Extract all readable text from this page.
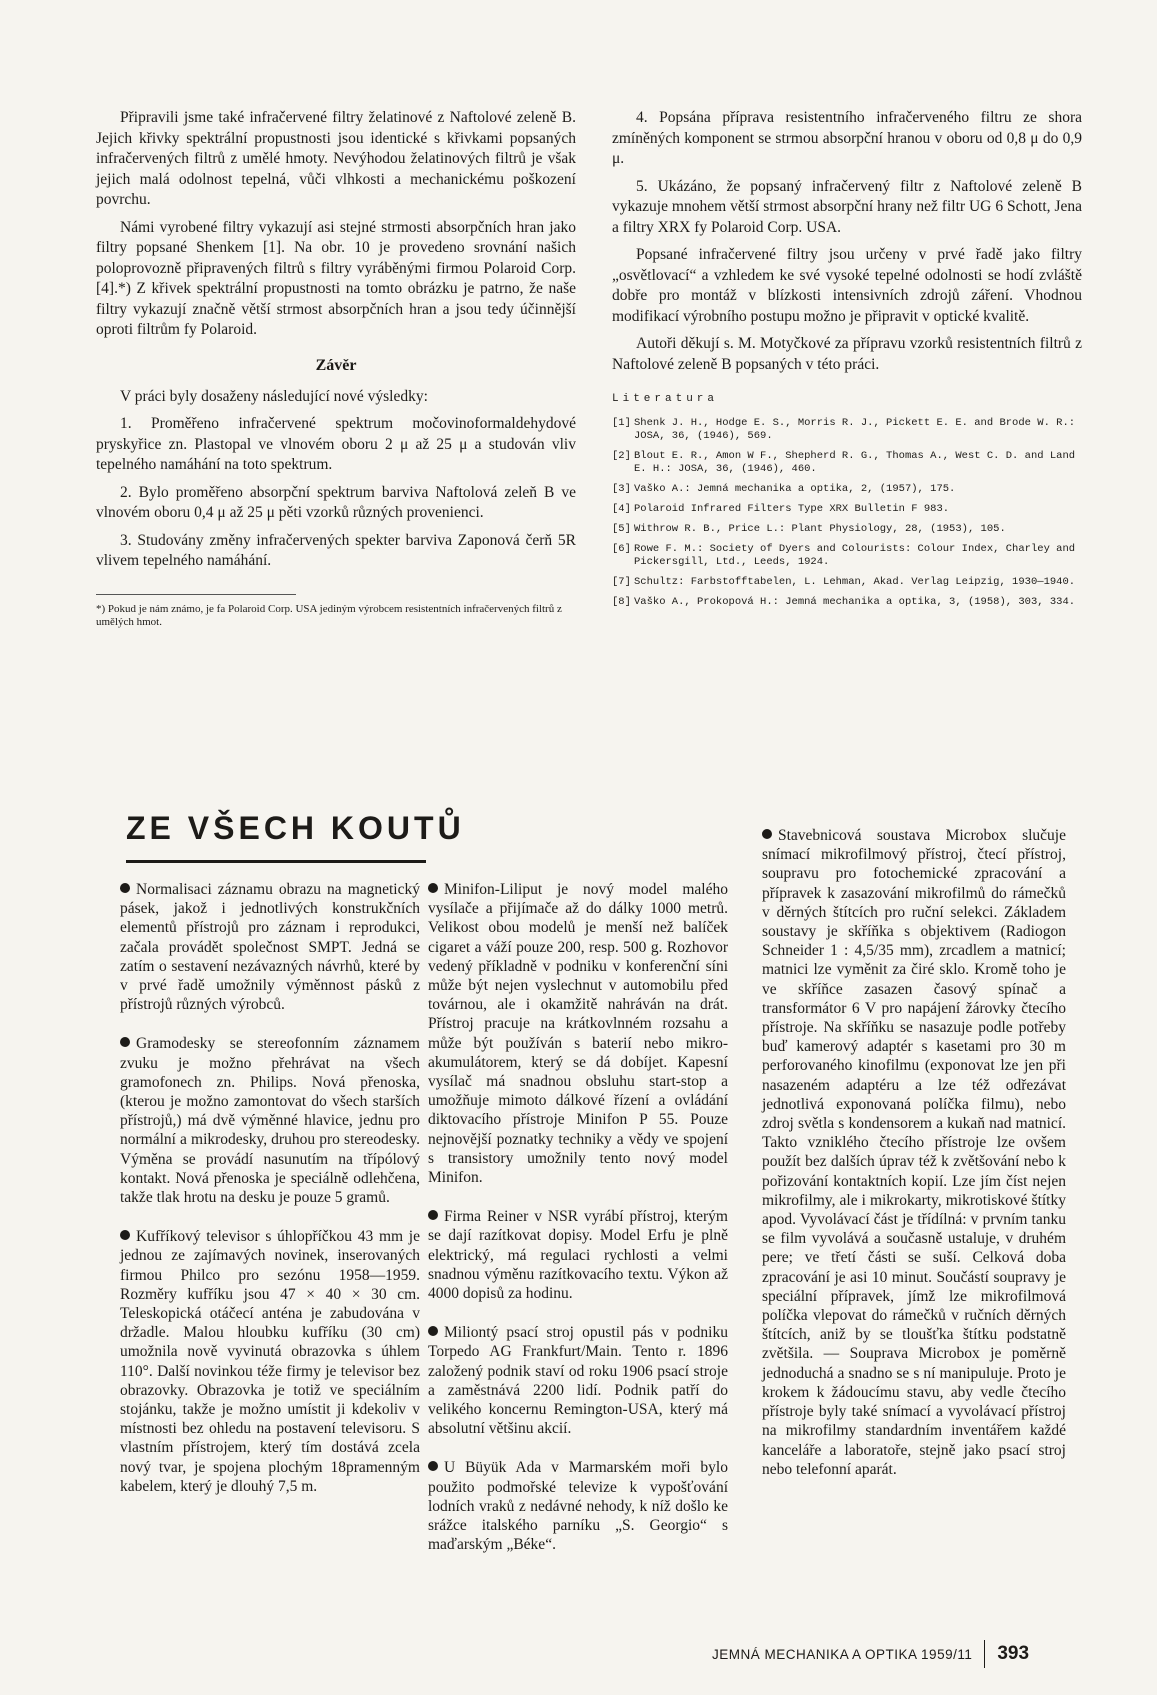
Připravili jsme také infračervené filtry želatinové z Naftolové zeleně B. Jejich křivky spektrální propustnosti jsou identické s křivkami popsaných infračervených filtrů z umělé hmoty. Nevýhodou želatinových filtrů je však jejich malá odolnost tepelná, vůči vlhkosti a mechanickému poškození povrchu.

Námi vyrobené filtry vykazují asi stejné strmosti absorpčních hran jako filtry popsané Shenkem [1]. Na obr. 10 je provedeno srovnání našich poloprovozně připravených filtrů s filtry vyráběnými firmou Polaroid Corp. [4].*) Z křivek spektrální propustnosti na tomto obrázku je patrno, že naše filtry vykazují značně větší strmost absorpčních hran a jsou tedy účinnější oproti filtrům fy Polaroid.

Závěr

V práci byly dosaženy následující nové výsledky:

1. Proměřeno infračervené spektrum močovinoformaldehydové pryskyřice zn. Plastopal ve vlnovém oboru 2 μ až 25 μ a studován vliv tepelného namáhání na toto spektrum.

2. Bylo proměřeno absorpční spektrum barviva Naftolová zeleň B ve vlnovém oboru 0,4 μ až 25 μ pěti vzorků různých provenienci.

3. Studovány změny infračervených spekter barviva Zaponová čerň 5R vlivem tepelného namáhání.

*) Pokud je nám známo, je fa Polaroid Corp. USA jediným výrobcem resistentních infračervených filtrů z umělých hmot.

4. Popsána příprava resistentního infračerveného filtru ze shora zmíněných komponent se strmou absorpční hranou v oboru od 0,8 μ do 0,9 μ.

5. Ukázáno, že popsaný infračervený filtr z Naftolové zeleně B vykazuje mnohem větší strmost absorpční hrany než filtr UG 6 Schott, Jena a filtry XRX fy Polaroid Corp. USA.

Popsané infračervené filtry jsou určeny v prvé řadě jako filtry „osvětlovací“ a vzhledem ke své vysoké tepelné odolnosti se hodí zvláště dobře pro montáž v blízkosti intensivních zdrojů záření. Vhodnou modifikací výrobního postupu možno je připravit v optické kvalitě.

Autoři děkují s. M. Motyčkové za přípravu vzorků resistentních filtrů z Naftolové zeleně B popsaných v této práci.

Literatura
[1] Shenk J. H., Hodge E. S., Morris R. J., Pickett E. E. and Brode W. R.: JOSA, 36, (1946), 569.
[2] Blout E. R., Amon W F., Shepherd R. G., Thomas A., West C. D. and Land E. H.: JOSA, 36, (1946), 460.
[3] Vaško A.: Jemná mechanika a optika, 2, (1957), 175.
[4] Polaroid Infrared Filters Type XRX Bulletin F 983.
[5] Withrow R. B., Price L.: Plant Physiology, 28, (1953), 105.
[6] Rowe F. M.: Society of Dyers and Colourists: Colour Index, Charley and Pickersgill, Ltd., Leeds, 1924.
[7] Schultz: Farbstofftabelen, L. Lehman, Akad. Verlag Leipzig, 1930—1940.
[8] Vaško A., Prokopová H.: Jemná mechanika a optika, 3, (1958), 303, 334.
ZE VŠECH KOUTŮ

Normalisaci záznamu obrazu na magnetický pásek, jakož i jednotlivých konstrukčních elementů přístrojů pro záznam i reprodukci, začala provádět společnost SMPT. Jedná se zatím o sestavení nezávazných návrhů, které by v prvé řadě umožnily výměnnost pásků z přístrojů různých výrobců.

Gramodesky se stereofonním záznamem zvuku je možno přehrávat na všech gramofonech zn. Philips. Nová přenoska, (kterou je možno zamontovat do všech starších přístrojů,) má dvě výměnné hlavice, jednu pro normální a mikrodesky, druhou pro stereodesky. Výměna se provádí nasunutím na třípólový kontakt. Nová přenoska je speciálně odlehčena, takže tlak hrotu na desku je pouze 5 gramů.

Kufříkový televisor s úhlopříčkou 43 mm je jednou ze zajímavých novinek, inserovaných firmou Philco pro sezónu 1958—1959. Rozměry kufříku jsou 47 × 40 × 30 cm. Teleskopická otáčecí anténa je zabudována v držadle. Malou hloubku kufříku (30 cm) umožnila nově vyvinutá obrazovka s úhlem 110°. Další novinkou téže firmy je televisor bez obrazovky. Obrazovka je totiž ve speciálním stojánku, takže je možno umístit ji kdekoliv v místnosti bez ohledu na postavení televisoru. S vlastním přístrojem, který tím dostává zcela nový tvar, je spojena plochým 18pramenným kabelem, který je dlouhý 7,5 m.

Minifon-Liliput je nový model malého vysílače a přijímače až do dálky 1000 metrů. Velikost obou modelů je menší než balíček cigaret a váží pouze 200, resp. 500 g. Rozhovor vedený příkladně v podniku v konferenční síni může být nejen vyslechnut v automobilu před továrnou, ale i okamžitě nahráván na drát. Přístroj pracuje na krátkovlnném rozsahu a může být používán s baterií nebo mikro-akumulátorem, který se dá dobíjet. Kapesní vysílač má snadnou obsluhu start-stop a umožňuje mimoto dálkové řízení a ovládání diktovacího přístroje Minifon P 55. Pouze nejnovější poznatky techniky a vědy ve spojení s transistory umožnily tento nový model Minifon.

Firma Reiner v NSR vyrábí přístroj, kterým se dají razítkovat dopisy. Model Erfu je plně elektrický, má regulaci rychlosti a velmi snadnou výměnu razítkovacího textu. Výkon až 4000 dopisů za hodinu.

Miliontý psací stroj opustil pás v podniku Torpedo AG Frankfurt/Main. Tento r. 1896 založený podnik staví od roku 1906 psací stroje a zaměstnává 2200 lidí. Podnik patří do velikého koncernu Remington-USA, který má absolutní většinu akcií.

U Büyük Ada v Marmarském moři bylo použito podmořské televize k vypošťování lodních vraků z nedávné nehody, k níž došlo ke srážce italského parníku „S. Georgio“ s maďarským „Béke“.

Stavebnicová soustava Microbox slučuje snímací mikrofilmový přístroj, čtecí přístroj, soupravu pro fotochemické zpracování a přípravek k zasazování mikrofilmů do rámečků v děrných štítcích pro ruční selekci. Základem soustavy je skříňka s objektivem (Radiogon Schneider 1 : 4,5/35 mm), zrcadlem a matnicí; matnici lze vyměnit za čiré sklo. Kromě toho je ve skříňce zasazen časový spínač a transformátor 6 V pro napájení žárovky čtecího přístroje. Na skříňku se nasazuje podle potřeby buď kamerový adaptér s kasetami pro 30 m perforovaného kinofilmu (exponovat lze jen při nasazeném adaptéru a lze též odřezávat jednotlivá exponovaná políčka filmu), nebo zdroj světla s kondensorem a kukaň nad matnicí. Takto vzniklého čtecího přístroje lze ovšem použít bez dalších úprav též k zvětšování nebo k pořizování kontaktních kopií. Lze jím číst nejen mikrofilmy, ale i mikrokarty, mikrotiskové štítky apod. Vyvolávací část je třídílná: v prvním tanku se film vyvolává a současně ustaluje, v druhém pere; ve třetí části se suší. Celková doba zpracování je asi 10 minut. Součástí soupravy je speciální přípravek, jímž lze mikrofilmová políčka vlepovat do rámečků v ručních děrných štítcích, aniž by se tloušťka štítku podstatně zvětšila. — Souprava Microbox je poměrně jednoduchá a snadno se s ní manipuluje. Proto je krokem k žádoucímu stavu, aby vedle čtecího přístroje byly také snímací a vyvolávací přístroj na mikrofilmy standardním inventářem každé kanceláře a laboratoře, stejně jako psací stroj nebo telefonní aparát.

JEMNÁ MECHANIKA A OPTIKA 1959/11 393
